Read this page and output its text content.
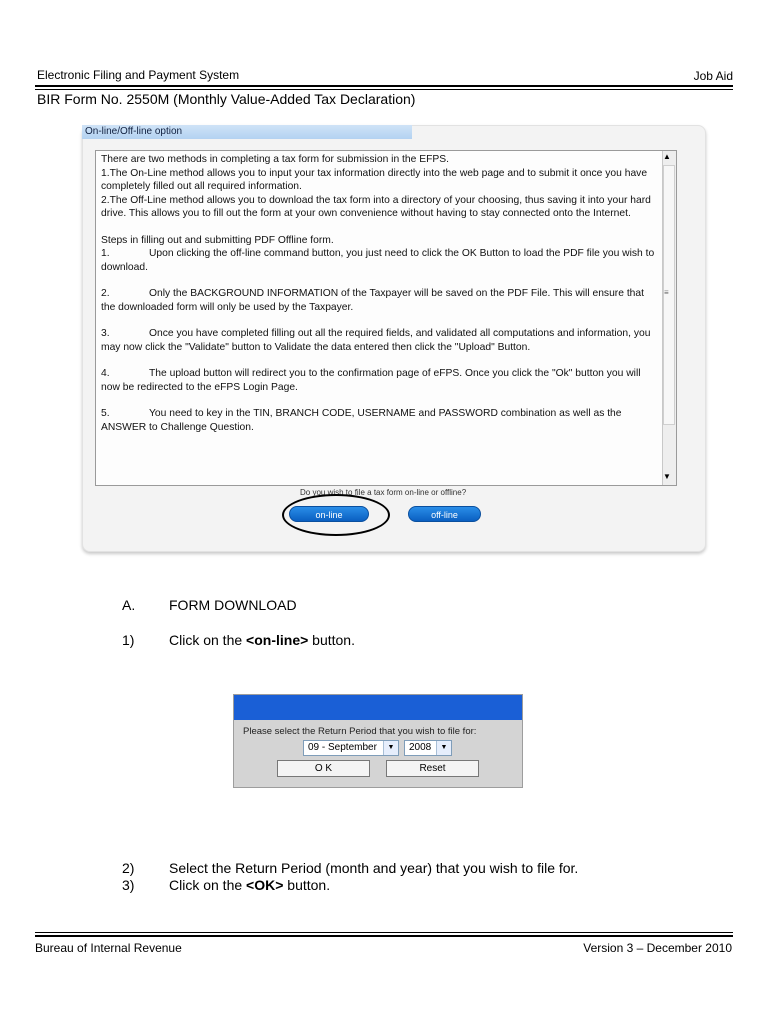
Electronic Filing and Payment System	Job Aid
BIR Form No. 2550M (Monthly Value-Added Tax Declaration)
On-line/Off-line option

There are two methods in completing a tax form for submission in the EFPS.

1.The On-Line method allows you to input your tax information directly into the web page and to submit it once you have completely filled out all required information.

2.The Off-Line method allows you to download the tax form into a directory of your choosing, thus saving it into your hard drive. This allows you to fill out the form at your own convenience without having to stay connected onto the Internet.

Steps in filling out and submitting PDF Offline form.

1.	Upon clicking the off-line command button, you just need to click the OK Button to load the PDF file you wish to download.

2.	Only the BACKGROUND INFORMATION of the Taxpayer will be saved on the PDF File. This will ensure that the downloaded form will only be used by the Taxpayer.

3.	Once you have completed filling out all the required fields, and validated all computations and information, you may now click the "Validate" button to Validate the data entered then click the "Upload" Button.

4.	The upload button will redirect you to the confirmation page of eFPS. Once you click the "Ok" button you will now be redirected to the eFPS Login Page.

5.	You need to key in the TIN, BRANCH CODE, USERNAME and PASSWORD combination as well as the ANSWER to Challenge Question.

▲
≡
▼
Do you wish to file a tax form on-line or offline?
on-line	off-line
A. FORM DOWNLOAD
1) Click on the <on-line> button.
Please select the Return Period that you wish to file for:
09 - September	▼	2008	▼
O K	Reset
2) Select the Return Period (month and year) that you wish to file for.
3) Click on the <OK> button.
Bureau of Internal Revenue	Version 3 – December 2010
